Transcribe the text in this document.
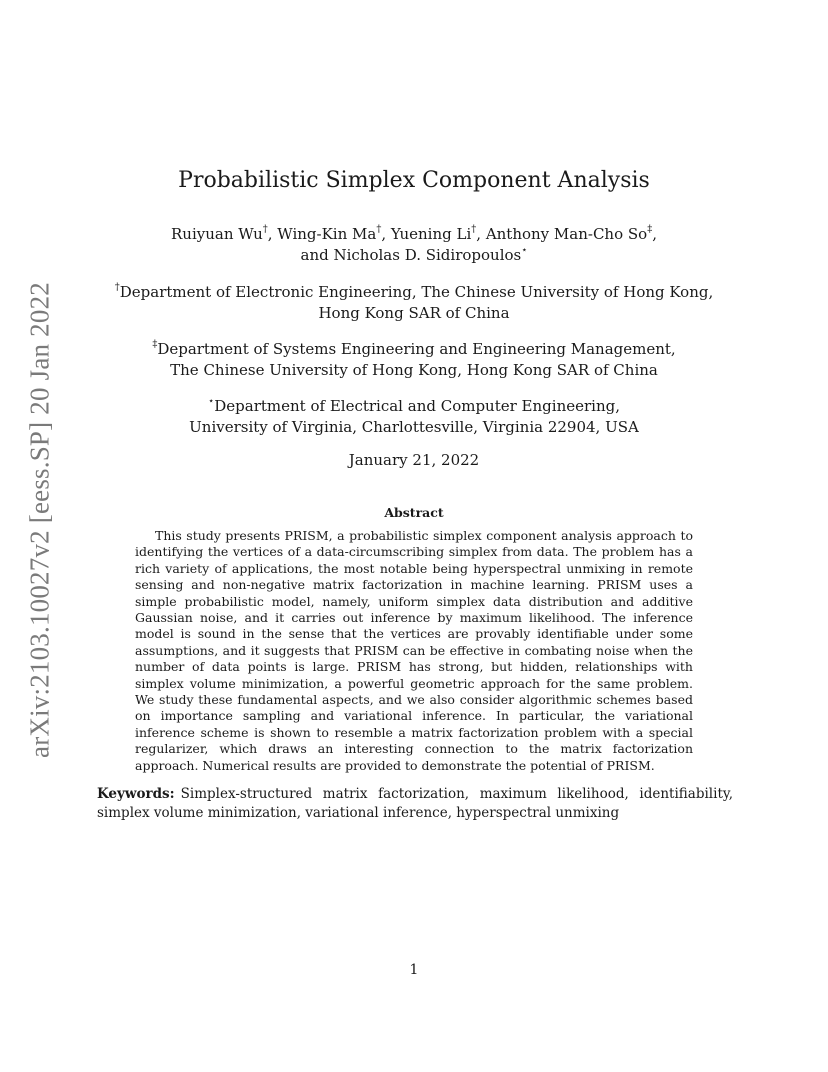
arXiv:2103.10027v2 [eess.SP] 20 Jan 2022
Probabilistic Simplex Component Analysis
Ruiyuan Wu†, Wing-Kin Ma†, Yuening Li†, Anthony Man-Cho So‡,
and Nicholas D. Sidiropoulos⋆
†Department of Electronic Engineering, The Chinese University of Hong Kong,
Hong Kong SAR of China
‡Department of Systems Engineering and Engineering Management,
The Chinese University of Hong Kong, Hong Kong SAR of China
⋆Department of Electrical and Computer Engineering,
University of Virginia, Charlottesville, Virginia 22904, USA
January 21, 2022
Abstract

This study presents PRISM, a probabilistic simplex component analysis approach to identifying the vertices of a data-circumscribing simplex from data. The problem has a rich variety of applications, the most notable being hyperspectral unmixing in remote sensing and non-negative matrix factorization in machine learning. PRISM uses a simple probabilistic model, namely, uniform simplex data distribution and additive Gaussian noise, and it carries out inference by maximum likelihood. The inference model is sound in the sense that the vertices are provably identifiable under some assumptions, and it suggests that PRISM can be effective in combating noise when the number of data points is large. PRISM has strong, but hidden, relationships with simplex volume minimization, a powerful geometric approach for the same problem. We study these fundamental aspects, and we also consider algorithmic schemes based on importance sampling and variational inference. In particular, the variational inference scheme is shown to resemble a matrix factorization problem with a special regularizer, which draws an interesting connection to the matrix factorization approach. Numerical results are provided to demonstrate the potential of PRISM.

Keywords: Simplex-structured matrix factorization, maximum likelihood, identifiability, simplex volume minimization, variational inference, hyperspectral unmixing

1
